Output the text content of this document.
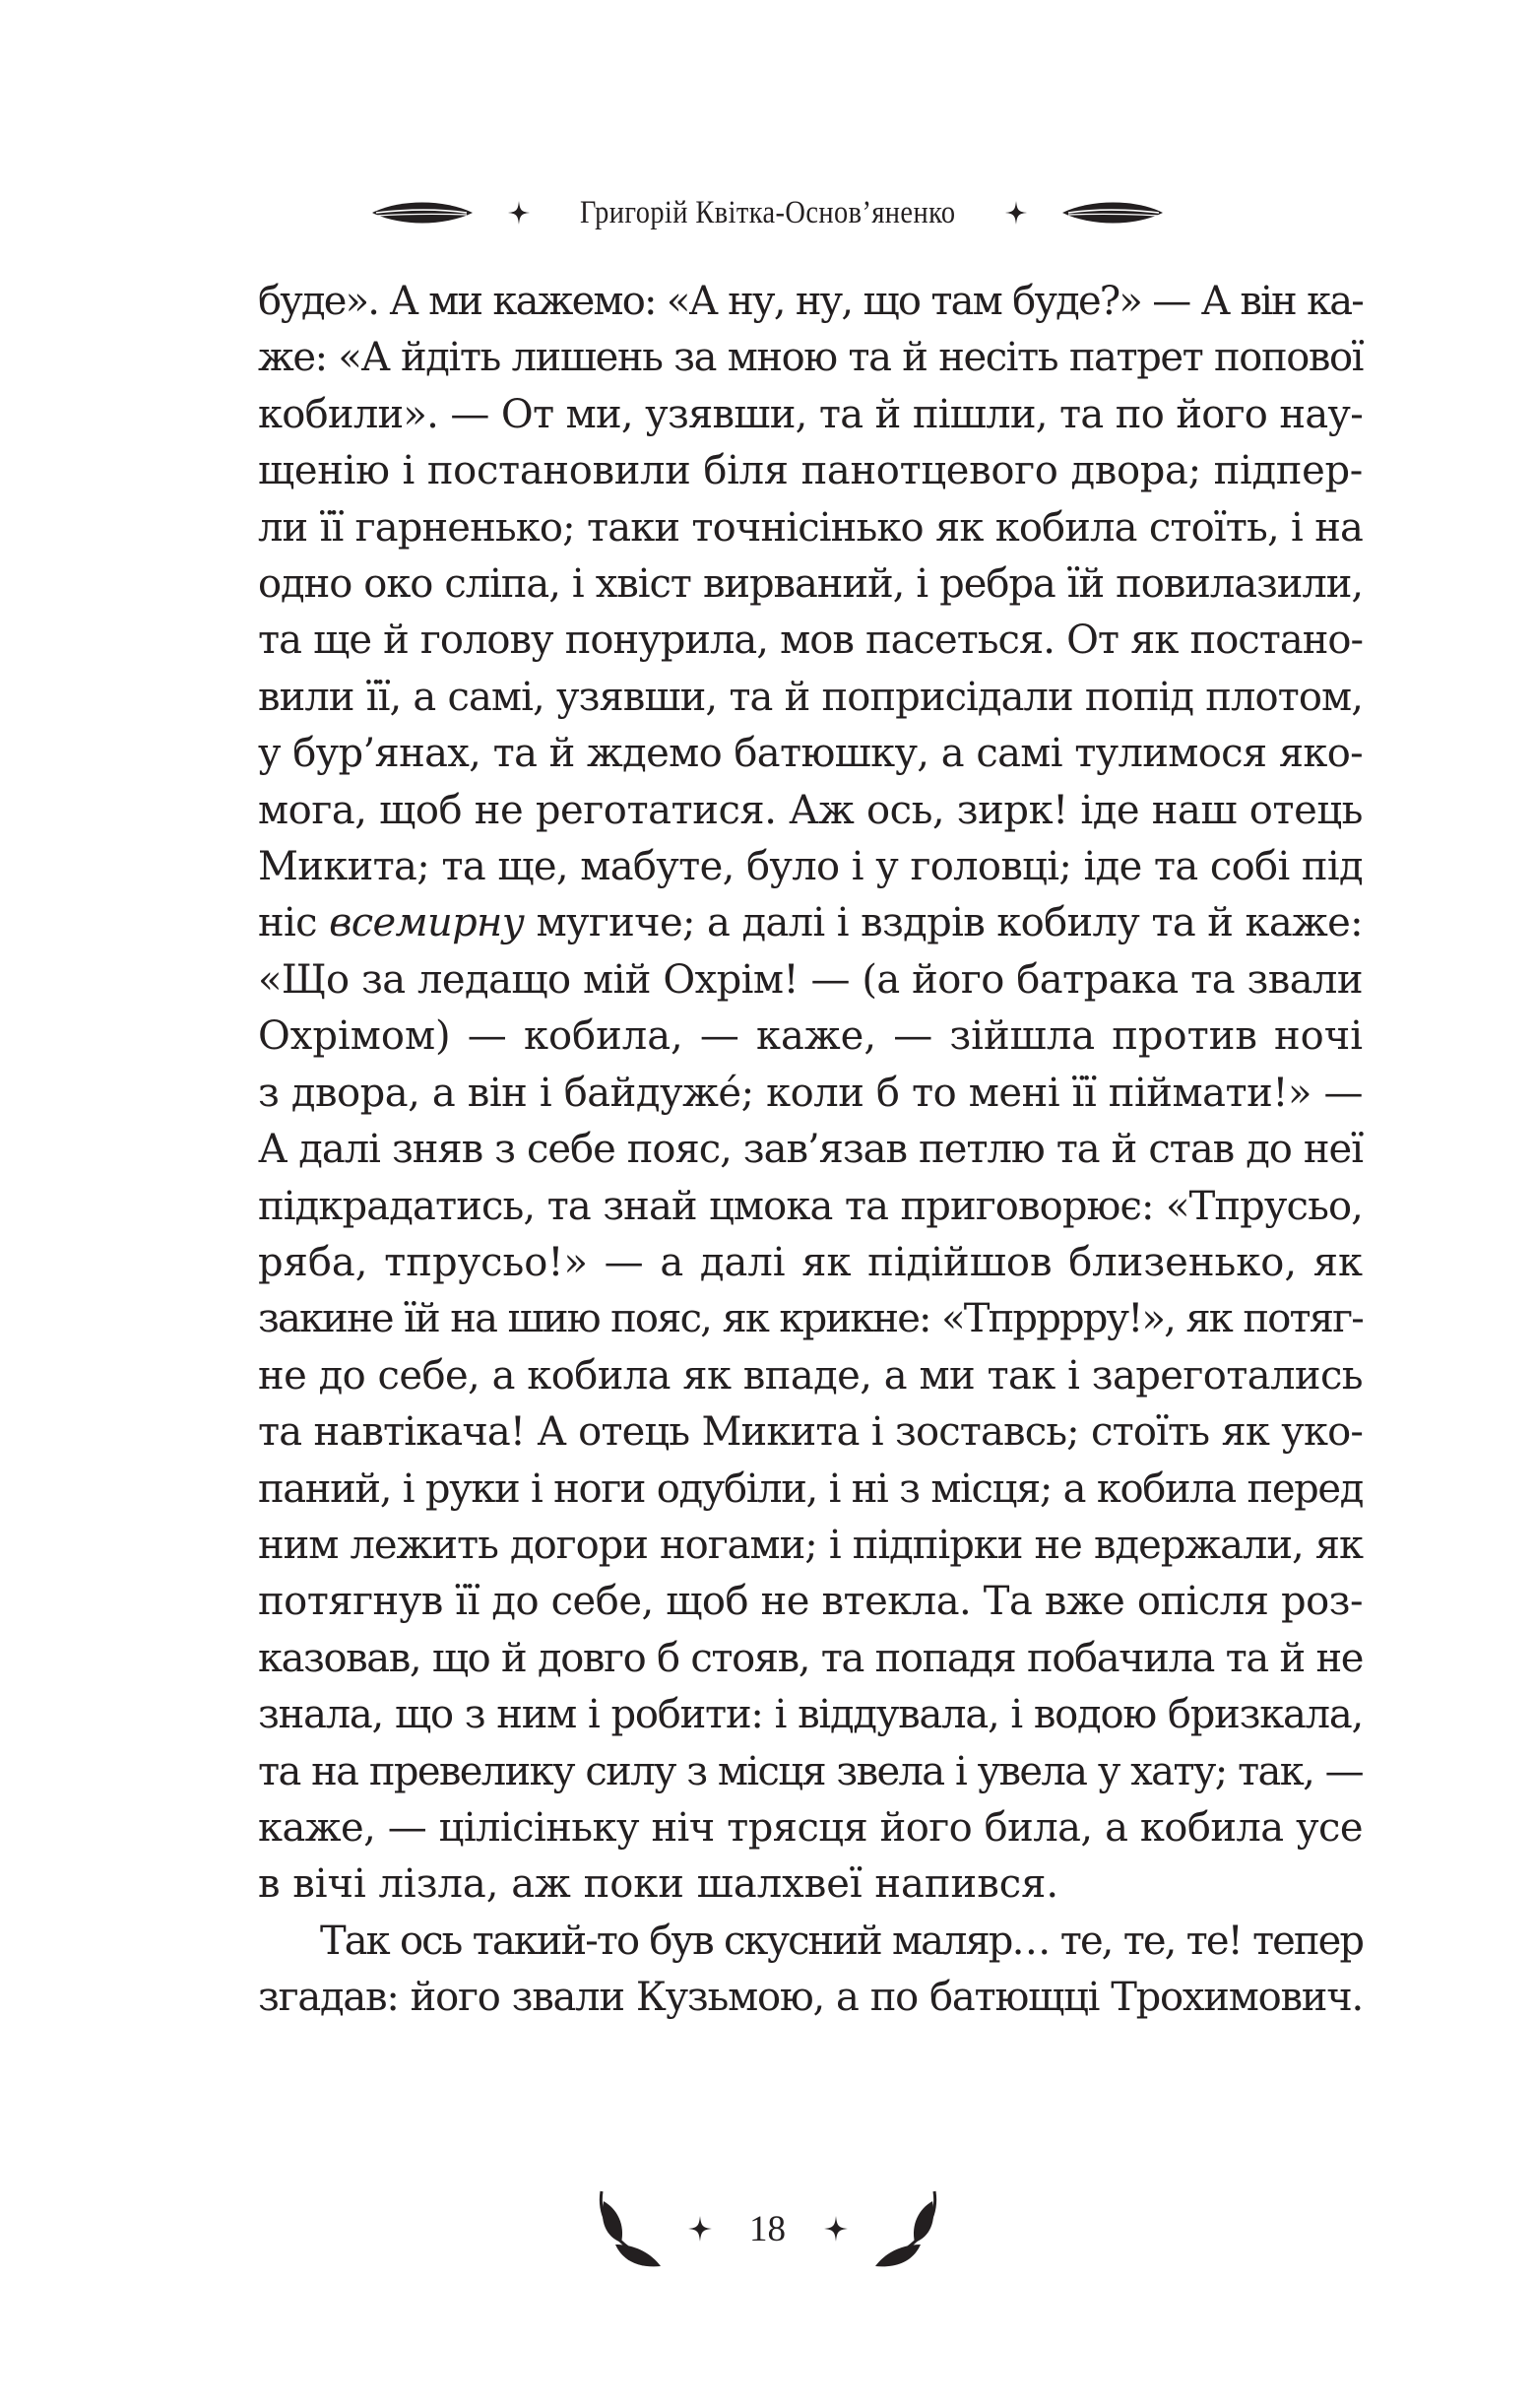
Григорій Квітка-Основ’яненко
буде». А ми кажемо: «А ну, ну, що там буде?» — А він ка-
же: «А йдіть лишень за мною та й несіть патрет попової
кобили». — От ми, узявши, та й пішли, та по його нау-
щенію і постановили біля панотцевого двора; підпер-
ли її гарненько; таки точнісінько як кобила стоїть, і на
одно око сліпа, і хвіст вирваний, і ребра їй повилазили,
та ще й голову понурила, мов пасеться. От як постано-
вили її, а самі, узявши, та й поприсідали попід плотом,
у бур’янах, та й ждемо батюшку, а самі тулимося яко-
мога, щоб не реготатися. Аж ось, зирк! іде наш отець
Микита; та ще, мабуте, було і у головці; іде та собі під
ніс всемирну мугиче; а далі і вздрів кобилу та й каже:
«Що за ледащо мій Охрім! — (а його батрака та звали
Охрімом) — кобила, — каже, — зійшла против ночі
з двора, а він і байдужé; коли б то мені її піймати!» —
А далі зняв з себе пояс, зав’язав петлю та й став до неї
підкрадатись, та знай цмока та приговорює: «Тпрусьо,
ряба, тпрусьо!» — а далі як підійшов близенько, як
закине їй на шию пояс, як крикне: «Тпрррру!», як потяг-
не до себе, а кобила як впаде, а ми так і зареготались
та навтікача! А отець Микита і зоставсь; стоїть як уко-
паний, і руки і ноги одубіли, і ні з місця; а кобила перед
ним лежить догори ногами; і підпірки не вдержали, як
потягнув її до себе, щоб не втекла. Та вже опісля роз-
казовав, що й довго б стояв, та попадя побачила та й не
знала, що з ним і робити: і віддувала, і водою бризкала,
та на превелику силу з місця звела і увела у хату; так, —
каже, — цілісіньку ніч трясця його била, а кобила усе
в вічі лізла, аж поки шалхвеї напився.
Так ось такий-то був скусний маляр… те, те, те! тепер
згадав: його звали Кузьмою, а по батющці Трохимович.
18
